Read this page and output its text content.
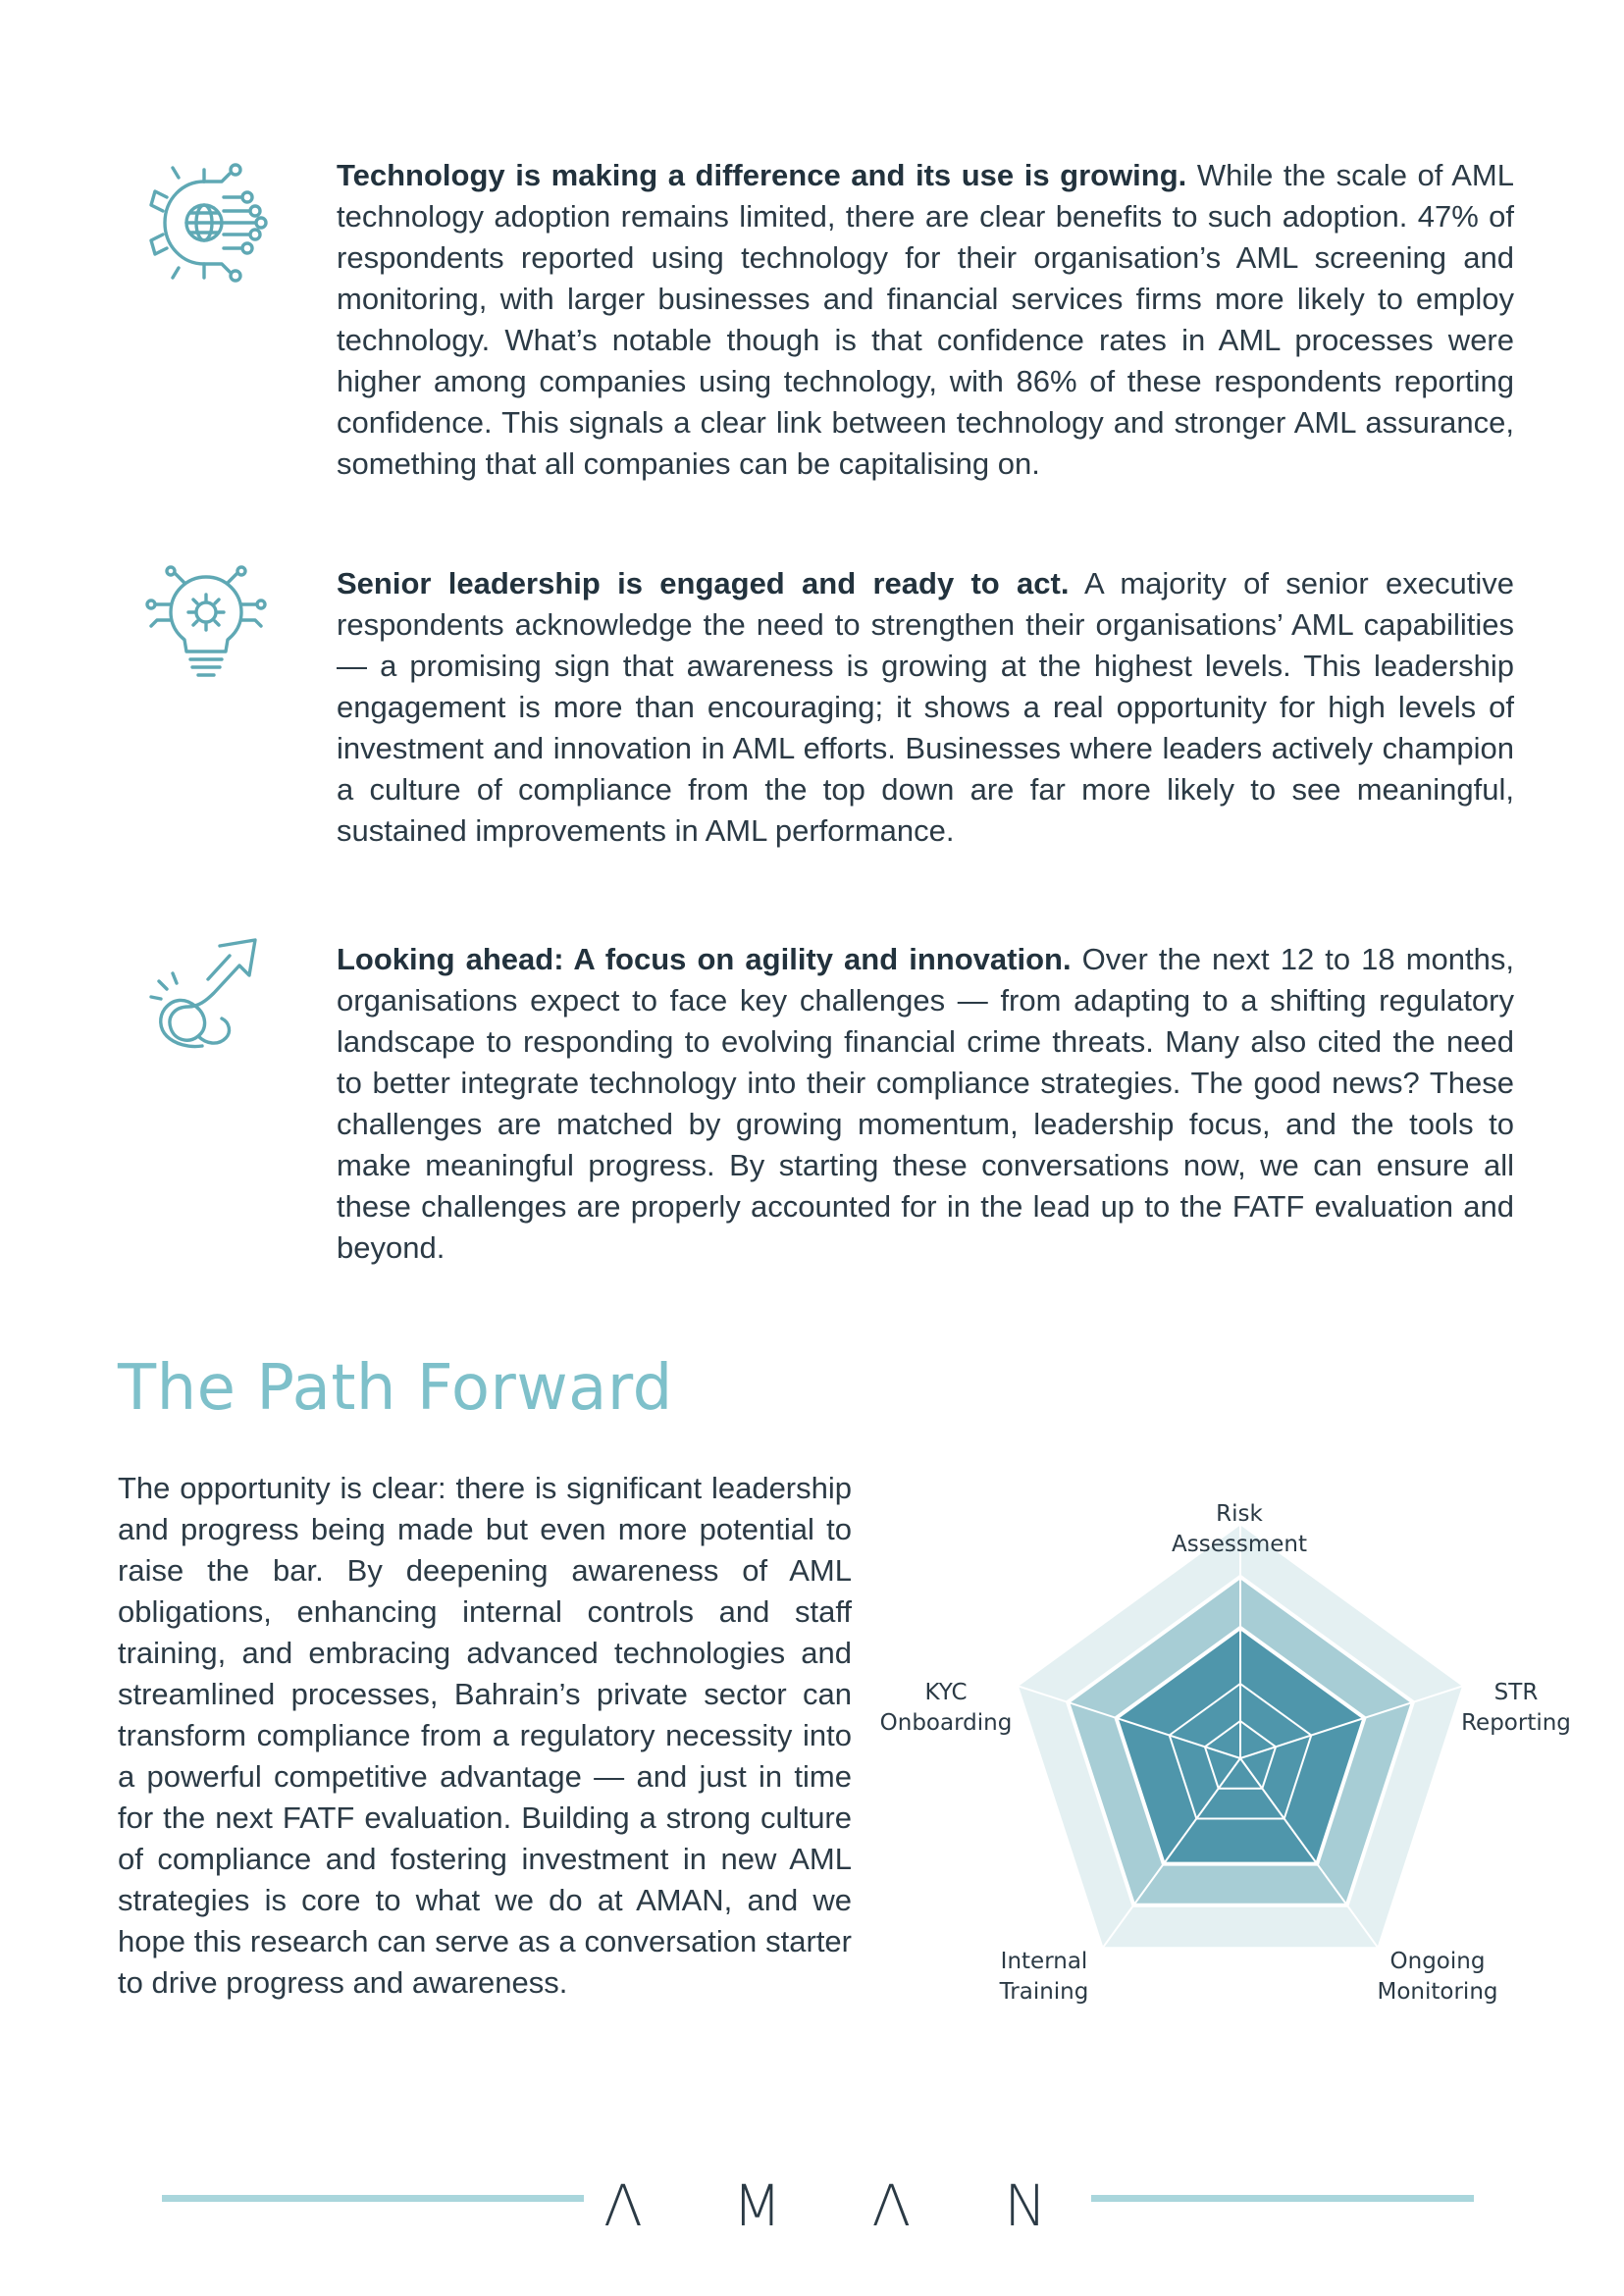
Technology is making a difference and its use is growing. While the scale of AML technology adoption remains limited, there are clear benefits to such adoption. 47% of respondents reported using technology for their organisation’s AML screening and monitoring, with larger businesses and financial services firms more likely to employ technology. What’s notable though is that confidence rates in AML processes were higher among companies using technology, with 86% of these respondents reporting confidence. This signals a clear link between technology and stronger AML assurance, something that all companies can be capitalising on.

Senior leadership is engaged and ready to act. A majority of senior executive respondents acknowledge the need to strengthen their organisations’ AML capabilities — a promising sign that awareness is growing at the highest levels. This leadership engagement is more than encouraging; it shows a real opportunity for high levels of investment and innovation in AML efforts. Businesses where leaders actively champion a culture of compliance from the top down are far more likely to see meaningful, sustained improvements in AML performance.

Looking ahead: A focus on agility and innovation. Over the next 12 to 18 months, organisations expect to face key challenges — from adapting to a shifting regulatory landscape to responding to evolving financial crime threats. Many also cited the need to better integrate technology into their compliance strategies. The good news? These challenges are matched by growing momentum, leadership focus, and the tools to make meaningful progress. By starting these conversations now, we can ensure all these challenges are properly accounted for in the lead up to the FATF evaluation and beyond.

The Path Forward

The opportunity is clear: there is significant leadership and progress being made but even more potential to raise the bar. By deepening awareness of AML obligations, enhancing internal controls and staff training, and embracing advanced technologies and streamlined processes, Bahrain’s private sector can transform compliance from a regulatory necessity into a powerful competitive advantage — and just in time for the next FATF evaluation. Building a strong culture of compliance and fostering investment in new AML strategies is core to what we do at AMAN, and we hope this research can serve as a conversation starter to drive progress and awareness.

Risk Assessment
STR Reporting
Ongoing Monitoring
Internal Training
KYC Onboarding
Λ M Λ N
